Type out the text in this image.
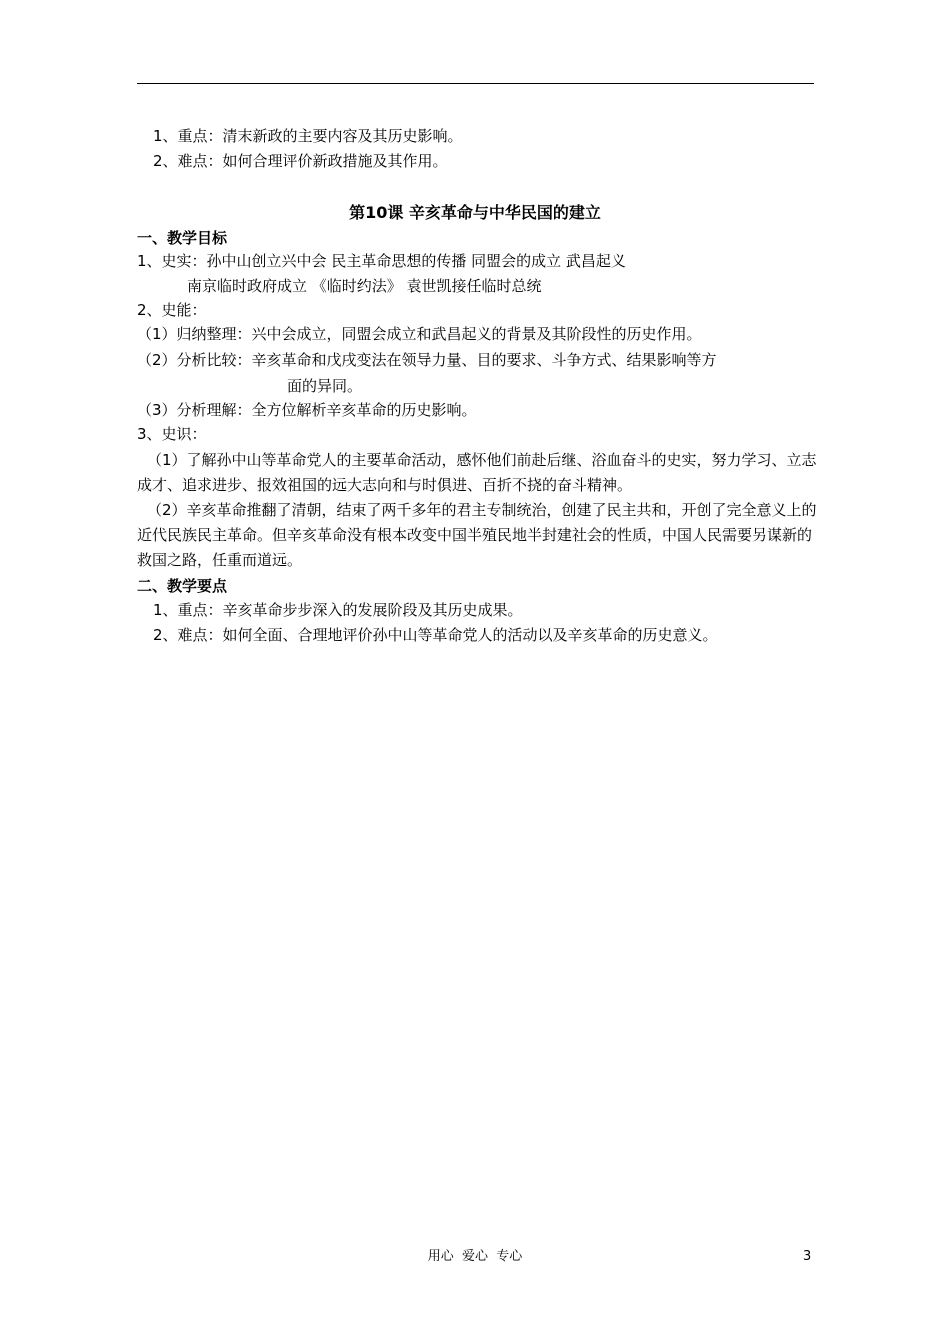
1、重点：清末新政的主要内容及其历史影响。
2、难点：如何合理评价新政措施及其作用。
第10课 辛亥革命与中华民国的建立
一、教学目标
1、史实：孙中山创立兴中会 民主革命思想的传播 同盟会的成立 武昌起义
南京临时政府成立 《临时约法》 袁世凯接任临时总统
2、史能：
（1）归纳整理：兴中会成立，同盟会成立和武昌起义的背景及其阶段性的历史作用。
（2）分析比较：辛亥革命和戊戌变法在领导力量、目的要求、斗争方式、结果影响等方
面的异同。
（3）分析理解：全方位解析辛亥革命的历史影响。
3、史识：
（1）了解孙中山等革命党人的主要革命活动，感怀他们前赴后继、浴血奋斗的史实，努力学习、立志成才、追求进步、报效祖国的远大志向和与时俱进、百折不挠的奋斗精神。
（2）辛亥革命推翻了清朝，结束了两千多年的君主专制统治，创建了民主共和，开创了完全意义上的近代民族民主革命。但辛亥革命没有根本改变中国半殖民地半封建社会的性质，中国人民需要另谋新的救国之路，任重而道远。
二、教学要点
1、重点：辛亥革命步步深入的发展阶段及其历史成果。
2、难点：如何全面、合理地评价孙中山等革命党人的活动以及辛亥革命的历史意义。
用心  爱心  专心	3
